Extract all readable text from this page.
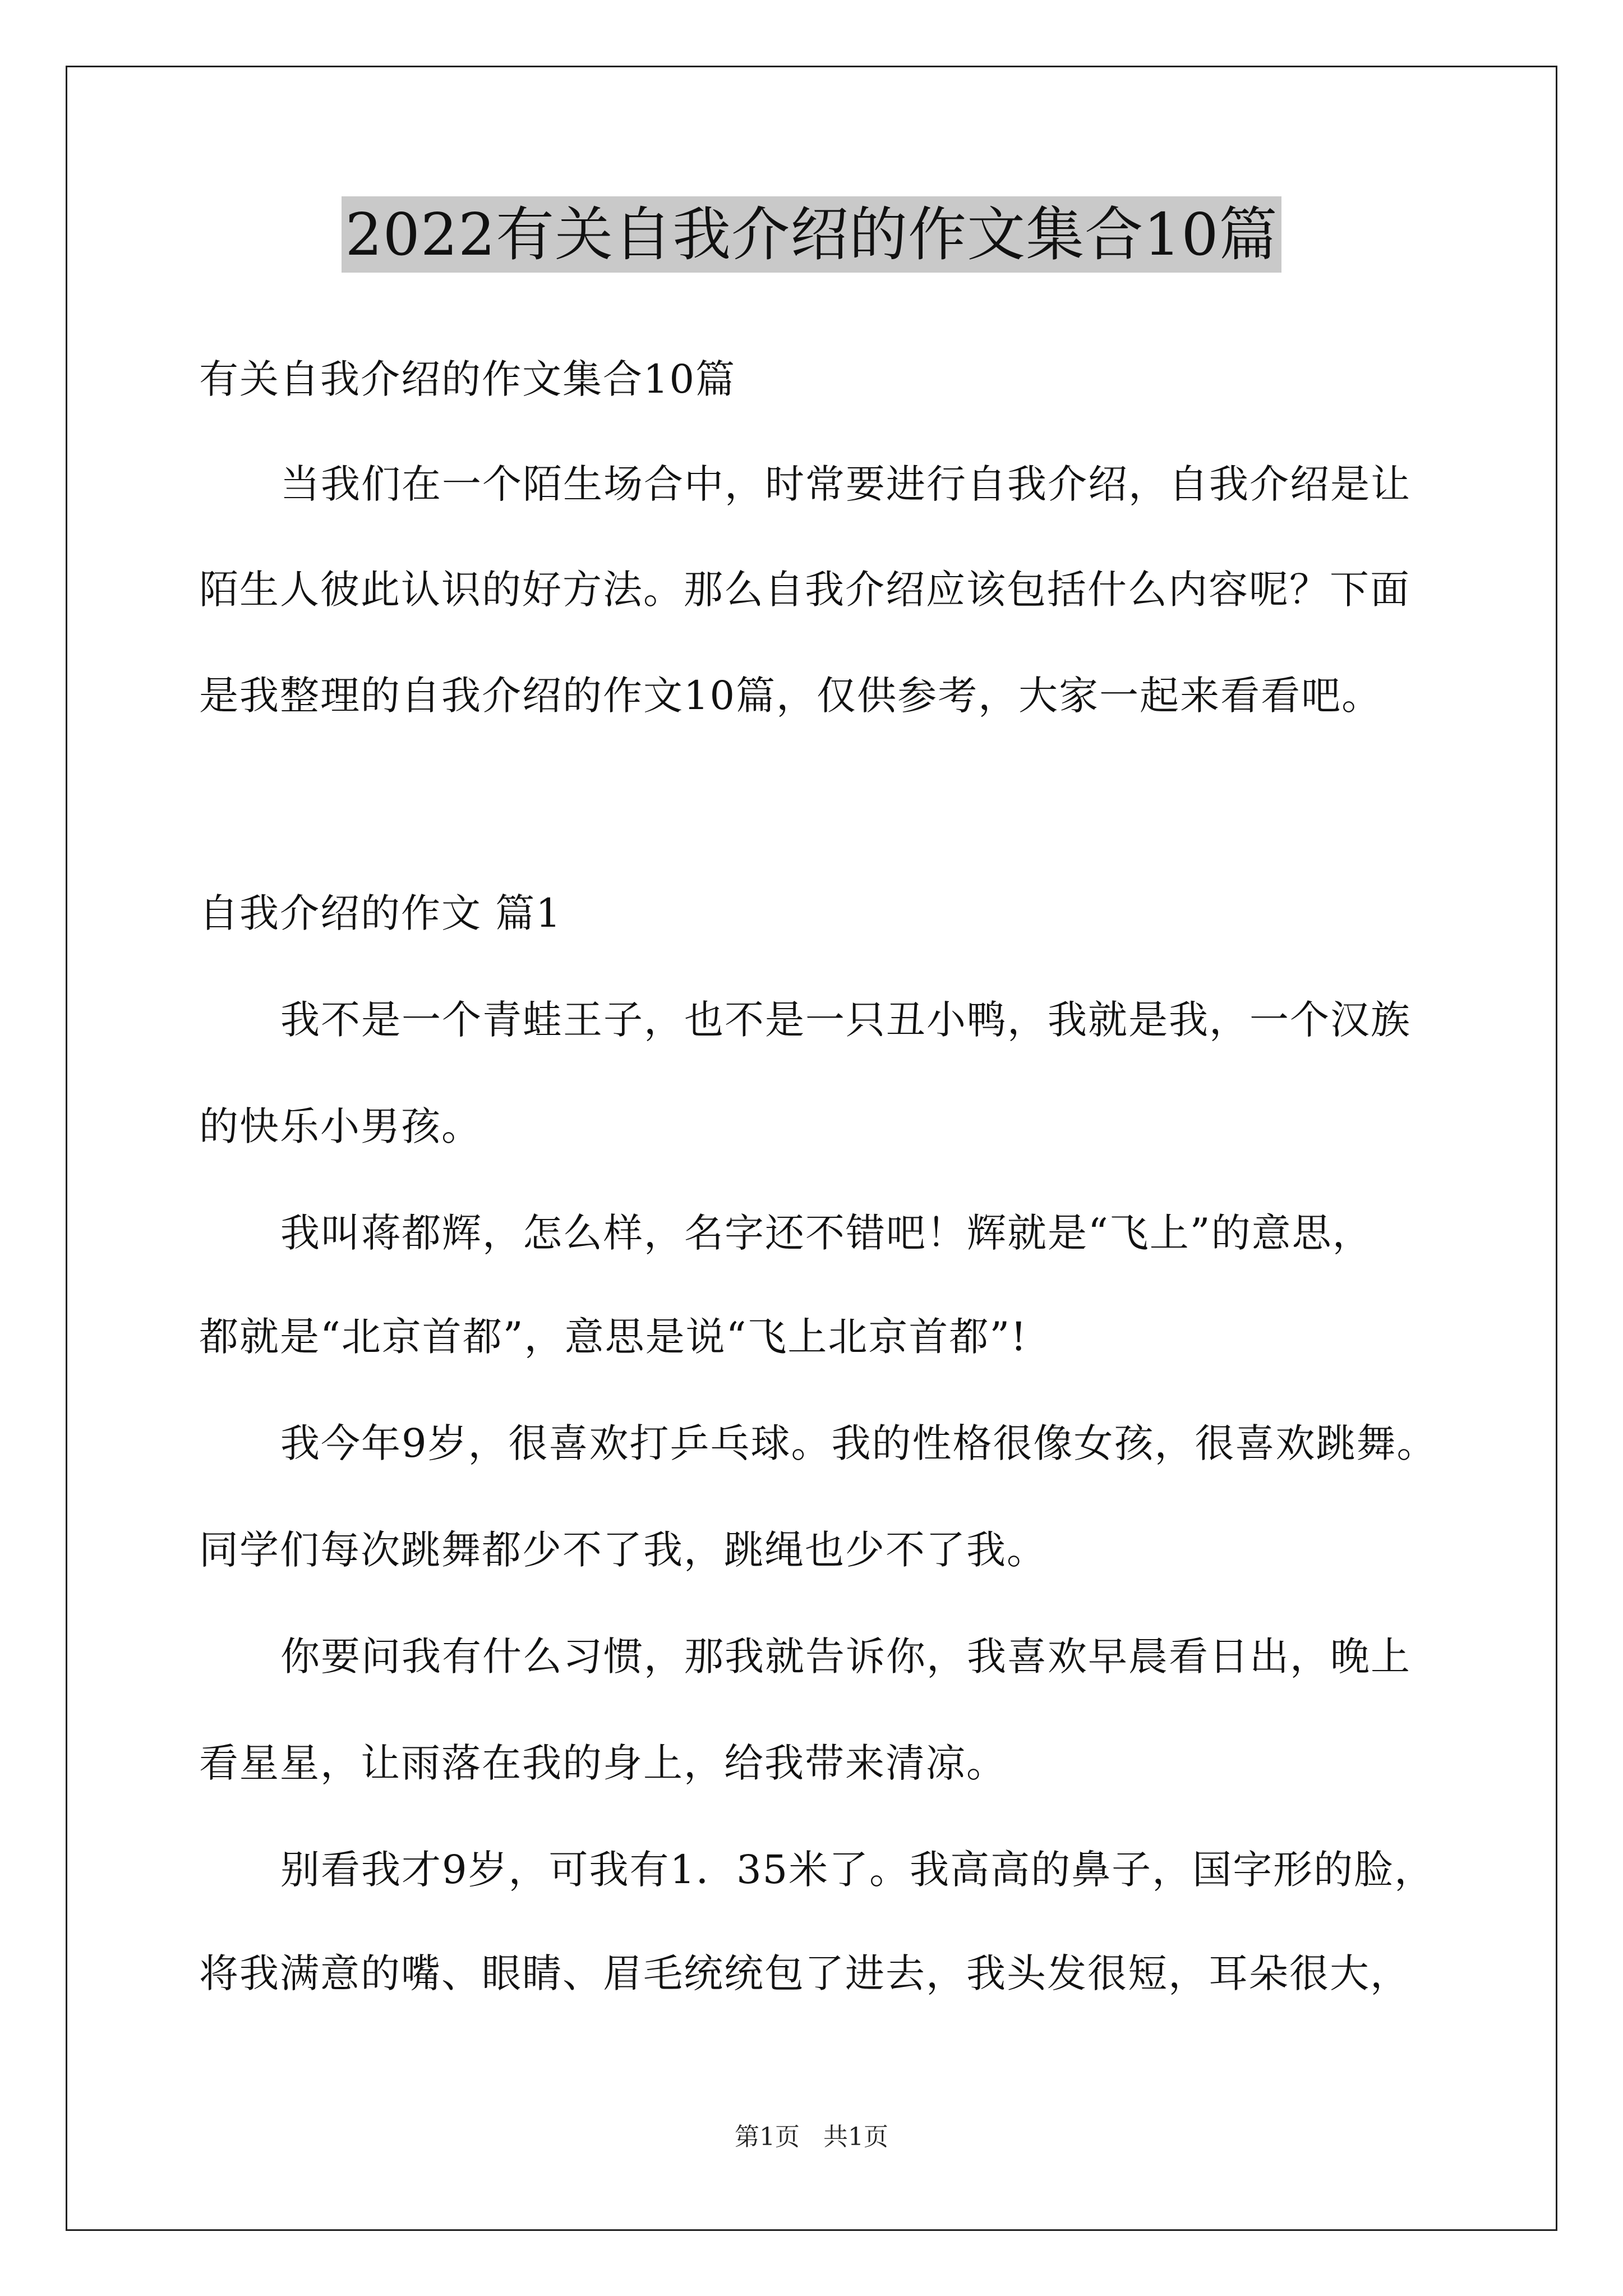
2022有关自我介绍的作文集合10篇
有关自我介绍的作文集合10篇
当我们在一个陌生场合中，时常要进行自我介绍，自我介绍是让
陌生人彼此认识的好方法。那么自我介绍应该包括什么内容呢？下面
是我整理的自我介绍的作文10篇，仅供参考，大家一起来看看吧。
自我介绍的作文 篇1
我不是一个青蛙王子，也不是一只丑小鸭，我就是我，一个汉族
的快乐小男孩。
我叫蒋都辉，怎么样，名字还不错吧！辉就是“飞上”的意思，
都就是“北京首都”，意思是说“飞上北京首都”!
我今年9岁，很喜欢打乒乓球。我的性格很像女孩，很喜欢跳舞。
同学们每次跳舞都少不了我，跳绳也少不了我。
你要问我有什么习惯，那我就告诉你，我喜欢早晨看日出，晚上
看星星，让雨落在我的身上，给我带来清凉。
别看我才9岁，可我有1．35米了。我高高的鼻子，国字形的脸，
将我满意的嘴、眼睛、眉毛统统包了进去，我头发很短，耳朵很大，
第1页   共1页
